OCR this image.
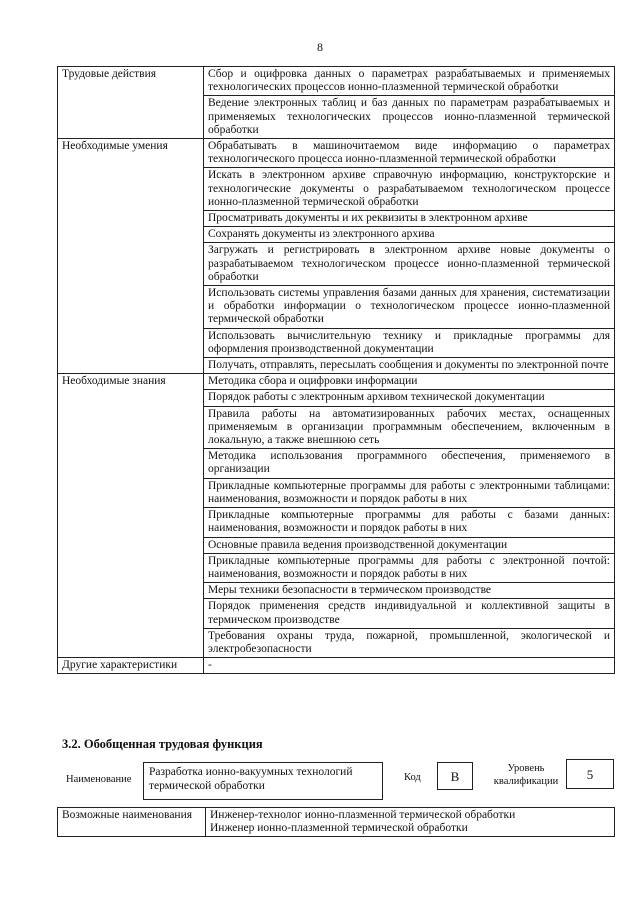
8
Трудовые действия	Сбор и оцифровка данных о параметрах разрабатываемых и применяемых технологических процессов ионно-плазменной термической обработки
	Ведение электронных таблиц и баз данных по параметрам разрабатываемых и применяемых технологических процессов ионно-плазменной термической обработки
Необходимые умения	Обрабатывать в машиночитаемом виде информацию о параметрах технологического процесса ионно-плазменной термической обработки
	Искать в электронном архиве справочную информацию, конструкторские и технологические документы о разрабатываемом технологическом процессе ионно-плазменной термической обработки
	Просматривать документы и их реквизиты в электронном архиве
	Сохранять документы из электронного архива
	Загружать и регистрировать в электронном архиве новые документы о разрабатываемом технологическом процессе ионно-плазменной термической обработки
	Использовать системы управления базами данных для хранения, систематизации и обработки информации о технологическом процессе ионно-плазменной термической обработки
	Использовать вычислительную технику и прикладные программы для оформления производственной документации
	Получать, отправлять, пересылать сообщения и документы по электронной почте
Необходимые знания	Методика сбора и оцифровки информации
	Порядок работы с электронным архивом технической документации
	Правила работы на автоматизированных рабочих местах, оснащенных применяемым в организации программным обеспечением, включенным в локальную, а также внешнюю сеть
	Методика использования программного обеспечения, применяемого в организации
	Прикладные компьютерные программы для работы с электронными таблицами: наименования, возможности и порядок работы в них
	Прикладные компьютерные программы для работы с базами данных: наименования, возможности и порядок работы в них
	Основные правила ведения производственной документации
	Прикладные компьютерные программы для работы с электронной почтой: наименования, возможности и порядок работы в них
	Меры техники безопасности в термическом производстве
	Порядок применения средств индивидуальной и коллективной защиты в термическом производстве
	Требования охраны труда, пожарной, промышленной, экологической и электробезопасности
Другие характеристики	-
3.2. Обобщенная трудовая функция
Наименование
Разработка ионно-вакуумных технологий термической обработки
Код	B
Уровень квалификации	5
Возможные наименования	Инженер-технолог ионно-плазменной термической обработки
Инженер ионно-плазменной термической обработки
